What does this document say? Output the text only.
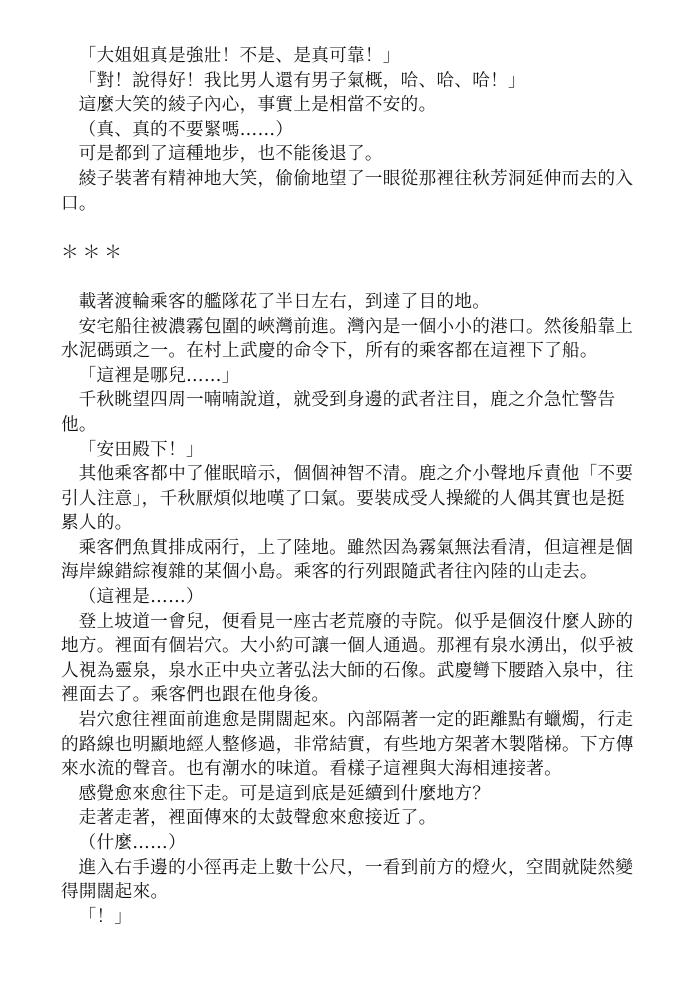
「大姐姐真是強壯！不是、是真可靠！」

「對！說得好！我比男人還有男子氣概，哈、哈、哈！」

這麼大笑的綾子內心，事實上是相當不安的。

（真、真的不要緊嗎……）

可是都到了這種地步，也不能後退了。

綾子裝著有精神地大笑，偷偷地望了一眼從那裡往秋芳洞延伸而去的入口。

＊＊＊

載著渡輪乘客的艦隊花了半日左右，到達了目的地。

安宅船往被濃霧包圍的峽灣前進。灣內是一個小小的港口。然後船靠上水泥碼頭之一。在村上武慶的命令下，所有的乘客都在這裡下了船。

「這裡是哪兒……」

千秋眺望四周一喃喃說道，就受到身邊的武者注目，鹿之介急忙警告他。

「安田殿下！」

其他乘客都中了催眠暗示，個個神智不清。鹿之介小聲地斥責他「不要引人注意」，千秋厭煩似地嘆了口氣。要裝成受人操縱的人偶其實也是挺累人的。

乘客們魚貫排成兩行，上了陸地。雖然因為霧氣無法看清，但這裡是個海岸線錯綜複雜的某個小島。乘客的行列跟隨武者往內陸的山走去。

（這裡是……）

登上坡道一會兒，便看見一座古老荒廢的寺院。似乎是個沒什麼人跡的地方。裡面有個岩穴。大小約可讓一個人通過。那裡有泉水湧出，似乎被人視為靈泉，泉水正中央立著弘法大師的石像。武慶彎下腰踏入泉中，往裡面去了。乘客們也跟在他身後。

岩穴愈往裡面前進愈是開闊起來。內部隔著一定的距離點有蠟燭，行走的路線也明顯地經人整修過，非常結實，有些地方架著木製階梯。下方傳來水流的聲音。也有潮水的味道。看樣子這裡與大海相連接著。

感覺愈來愈往下走。可是這到底是延續到什麼地方？

走著走著，裡面傳來的太鼓聲愈來愈接近了。

（什麼……）

進入右手邊的小徑再走上數十公尺，一看到前方的燈火，空間就陡然變得開闊起來。

「！」
